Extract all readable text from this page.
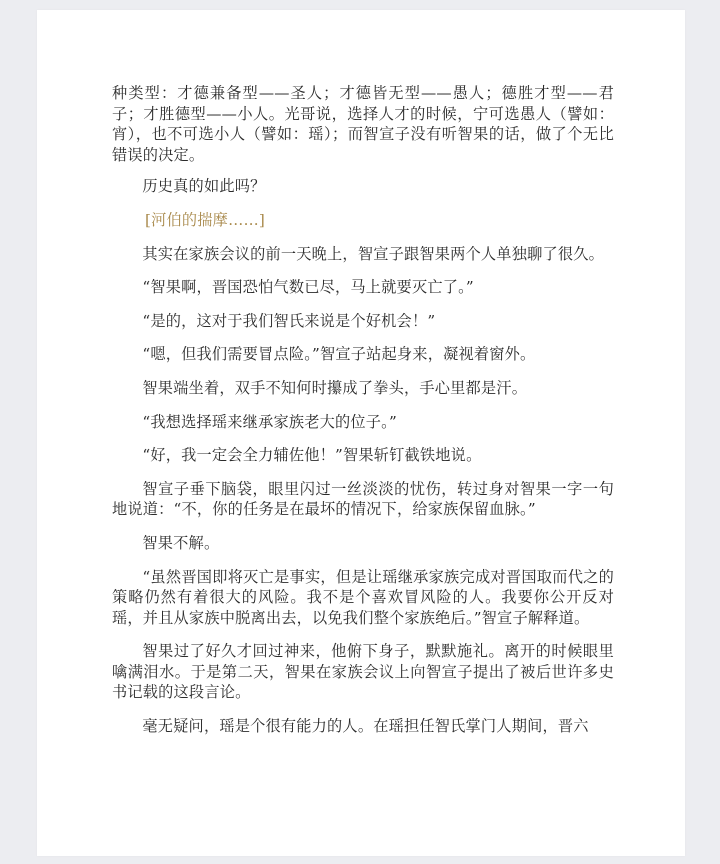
种类型：才德兼备型——圣人；才德皆无型——愚人；德胜才型——君子；才胜德型——小人。光哥说，选择人才的时候，宁可选愚人（譬如：宵），也不可选小人（譬如：瑶）；而智宣子没有听智果的话，做了个无比错误的决定。

历史真的如此吗？

[河伯的揣摩……]

其实在家族会议的前一天晚上，智宣子跟智果两个人单独聊了很久。

“智果啊，晋国恐怕气数已尽，马上就要灭亡了。”

“是的，这对于我们智氏来说是个好机会！”

“嗯，但我们需要冒点险。”智宣子站起身来，凝视着窗外。

智果端坐着，双手不知何时攥成了拳头，手心里都是汗。

“我想选择瑶来继承家族老大的位子。”

“好，我一定会全力辅佐他！”智果斩钉截铁地说。

智宣子垂下脑袋，眼里闪过一丝淡淡的忧伤，转过身对智果一字一句地说道：“不，你的任务是在最坏的情况下，给家族保留血脉。”

智果不解。

“虽然晋国即将灭亡是事实，但是让瑶继承家族完成对晋国取而代之的策略仍然有着很大的风险。我不是个喜欢冒风险的人。我要你公开反对瑶，并且从家族中脱离出去，以免我们整个家族绝后。”智宣子解释道。

智果过了好久才回过神来，他俯下身子，默默施礼。离开的时候眼里噙满泪水。于是第二天，智果在家族会议上向智宣子提出了被后世许多史书记载的这段言论。

毫无疑问，瑶是个很有能力的人。在瑶担任智氏掌门人期间，晋六
